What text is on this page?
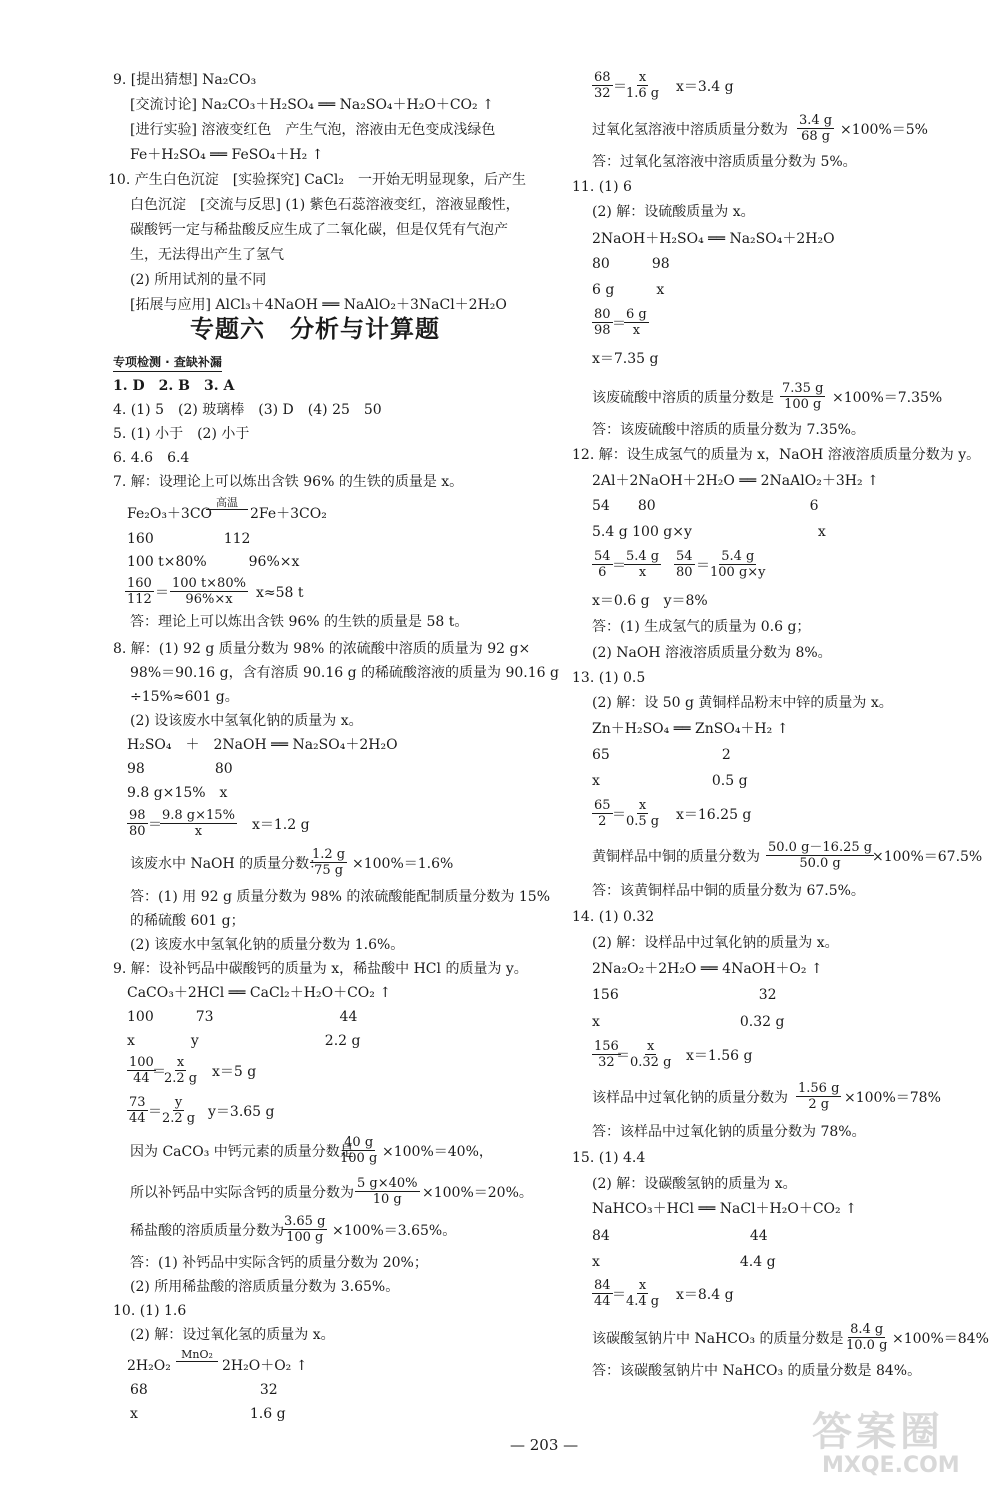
9. [提出猜想] Na₂CO₃
[交流讨论] Na₂CO₃＋H₂SO₄ ══ Na₂SO₄＋H₂O＋CO₂ ↑
[进行实验] 溶液变红色　产生气泡，溶液由无色变成浅绿色
Fe＋H₂SO₄ ══ FeSO₄＋H₂ ↑
10. 产生白色沉淀　[实验探究] CaCl₂　一开始无明显现象，后产生
白色沉淀　[交流与反思] (1) 紫色石蕊溶液变红，溶液显酸性，
碳酸钙一定与稀盐酸反应生成了二氧化碳，但是仅凭有气泡产
生，无法得出产生了氢气
(2) 所用试剂的量不同
[拓展与应用] AlCl₃＋4NaOH ══ NaAlO₂＋3NaCl＋2H₂O
专题六　分析与计算题
专项检测 · 查缺补漏
1. D　2. B　3. A
4. (1) 5　(2) 玻璃棒　(3) D　(4) 25　50
5. (1) 小于　(2) 小于
6. 4.6　6.4
7. 解：设理论上可以炼出含铁 96% 的生铁的质量是 x。
Fe₂O₃＋3CO
高温
2Fe＋3CO₂
160　　　　　112
100 t×80%　　　96%×x
$\frac{160}{112} = \frac{100 t\times 80\%}{96\%\times x} x\approx 58$ t
答：理论上可以炼出含铁 96% 的生铁的质量是 58 t。
8. 解：(1) 92 g 质量分数为 98% 的浓硫酸中溶质的质量为 92 g×
98%＝90.16 g，含有溶质 90.16 g 的稀硫酸溶液的质量为 90.16 g
÷15%≈601 g。
(2) 设该废水中氢氧化钠的质量为 x。
H₂SO₄　＋　2NaOH ══ Na₂SO₄＋2H₂O
98　　　　　80
9.8 g×15%　x
$\frac{98}{80}$ ＝
$\frac{9.8 g\times 15\%}{x} x=1.2$ g
该废水中 NaOH 的质量分数：
$\frac{1.2 g}{75 g} \times 100\%=1.6\%$
答：(1) 用 92 g 质量分数为 98% 的浓硫酸能配制质量分数为 15%
的稀硫酸 601 g；
(2) 该废水中氢氧化钠的质量分数为 1.6%。
9. 解：设补钙品中碳酸钙的质量为 x，稀盐酸中 HCl 的质量为 y。
CaCO₃＋2HCl ══ CaCl₂＋H₂O＋CO₂ ↑
100　　　73　　　　　　　　　44
x　　　　y　　　　　　　　　2.2 g
$\frac{100}{44}$
＝
$\frac{x}{2.2 g} x=5$ g
$\frac{73}{44}$ ＝
$\frac{y}{2.2 g} y=3.65$ g
因为 CaCO₃ 中钙元素的质量分数是
$\frac{40 g}{100 g} \times 100\%=40\%$，
所以补钙品中实际含钙的质量分数为 $\frac{5 g\times 40\%}{10 g} \times 100\%=20\%$。
稀盐酸的溶质质量分数为
$\frac{3.65 g}{100 g} \times 100\%=3.65\%$。
答：(1) 补钙品中实际含钙的质量分数为 20%；
(2) 所用稀盐酸的溶质质量分数为 3.65%。
10. (1) 1.6
(2) 解：设过氧化氢的质量为 x。
2H₂O₂
MnO₂
2H₂O＋O₂ ↑
68　　　　　　　　32
x　　　　　　　　1.6 g
$\frac{68}{32}$ ＝
$\frac{x}{1.6 g} x=3.4$ g
过氧化氢溶液中溶质质量分数为 $\frac{3.4 g}{68 g} \times 100\%=5\%$
答：过氧化氢溶液中溶质质量分数为 5%。
11. (1) 6
(2) 解：设硫酸质量为 x。
2NaOH＋H₂SO₄ ══ Na₂SO₄＋2H₂O
80　　　98
6 g　　　x
$\frac{80}{98}$ ＝
$\frac{6 g}{x}$
x＝7.35 g
该废硫酸中溶质的质量分数是 $\frac{7.35 g}{100 g} \times 100\%=7.35\%$
答：该废硫酸中溶质的质量分数为 7.35%。
12. 解：设生成氢气的质量为 x，NaOH 溶液溶质质量分数为 y。
2Al＋2NaOH＋2H₂O ══ 2NaAlO₂＋3H₂ ↑
54　　80　　　　　　　　　　　6
5.4 g 100 g×y　　　　　　　　　x
$\frac{54}{6}$ ＝
$\frac{5.4 g}{x} \frac{54}{80}$ ＝
$\frac{5.4 g}{100 g\times y}$
x＝0.6 g　y＝8%
答：(1) 生成氢气的质量为 0.6 g；
(2) NaOH 溶液溶质质量分数为 8%。
13. (1) 0.5
(2) 解：设 50 g 黄铜样品粉末中锌的质量为 x。
Zn＋H₂SO₄ ══ ZnSO₄＋H₂ ↑
65　　　　　　　　2
x　　　　　　　　0.5 g
$\frac{65}{2}$ ＝
$\frac{x}{0.5 g} x=16.25$ g
黄铜样品中铜的质量分数为 $\frac{50.0 g-16.25 g}{50.0 g}$
×100%＝67.5%
答：该黄铜样品中铜的质量分数为 67.5%。
14. (1) 0.32
(2) 解：设样品中过氧化钠的质量为 x。
2Na₂O₂＋2H₂O ══ 4NaOH＋O₂ ↑
156　　　　　　　　　　32
x　　　　　　　　　　0.32 g
$\frac{156}{32}$
＝
$\frac{x}{0.32 g} x=1.56$ g
该样品中过氧化钠的质量分数为 $\frac{1.56 g}{2 g} \times 100\%=78\%$
答：该样品中过氧化钠的质量分数为 78%。
15. (1) 4.4
(2) 解：设碳酸氢钠的质量为 x。
NaHCO₃＋HCl ══ NaCl＋H₂O＋CO₂ ↑
84　　　　　　　　　　44
x　　　　　　　　　　4.4 g
$\frac{84}{44}$ ＝
$\frac{x}{4.4 g} x=8.4$ g
该碳酸氢钠片中 NaHCO₃ 的质量分数是 $\frac{8.4 g}{10.0 g} \times 100\%=84\%$
答：该碳酸氢钠片中 NaHCO₃ 的质量分数是 84%。
— 203 —	答案圈
MXQE.COM
